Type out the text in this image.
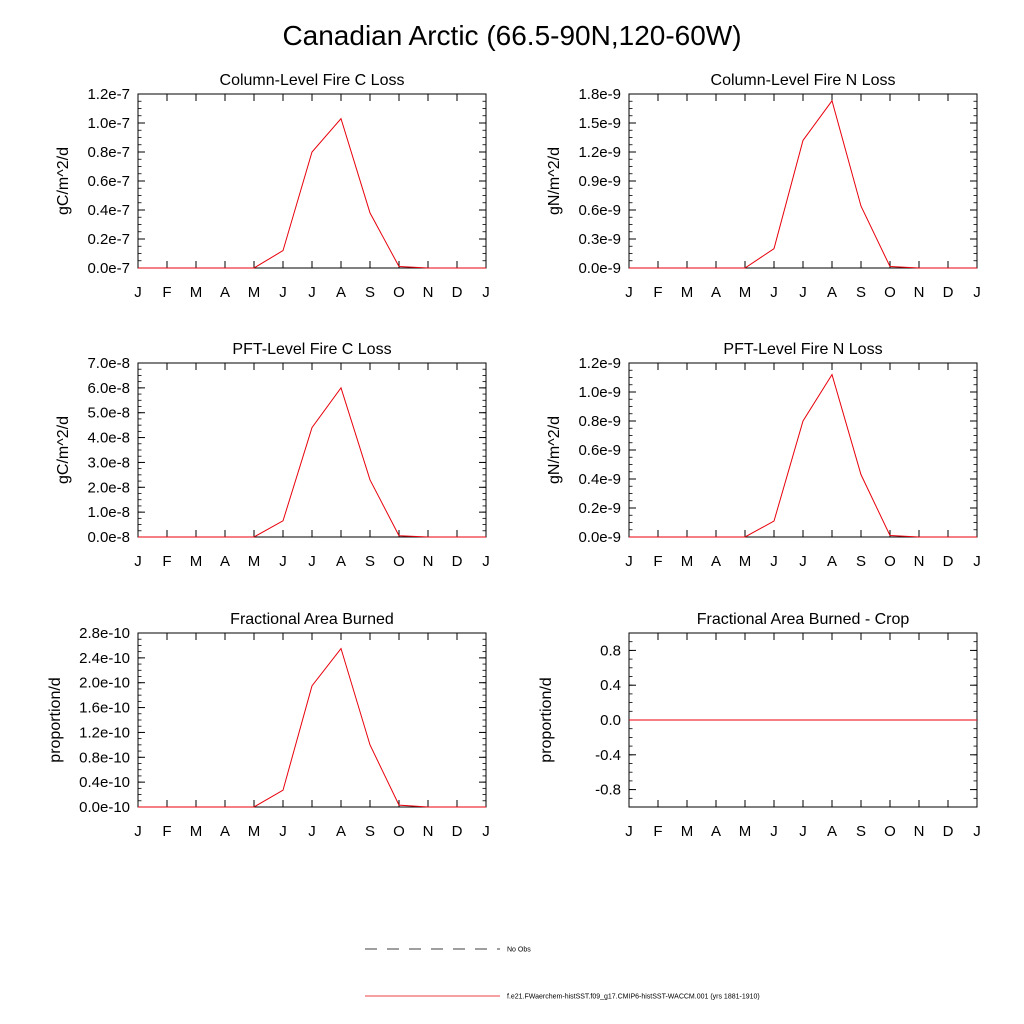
Canadian Arctic (66.5-90N,120-60W)
Column-Level Fire C Loss
J F M A M J J A S O N D J
0.0e-7
0.2e-7
0.4e-7
0.6e-7
0.8e-7
1.0e-7
1.2e-7
gC/m^2/d
Column-Level Fire N Loss
J F M A M J J A S O N D J
0.0e-9
0.3e-9
0.6e-9
0.9e-9
1.2e-9
1.5e-9
1.8e-9
gN/m^2/d
PFT-Level Fire C Loss
J F M A M J J A S O N D J
0.0e-8
1.0e-8
2.0e-8
3.0e-8
4.0e-8
5.0e-8
6.0e-8
7.0e-8
gC/m^2/d
PFT-Level Fire N Loss
J F M A M J J A S O N D J
0.0e-9
0.2e-9
0.4e-9
0.6e-9
0.8e-9
1.0e-9
1.2e-9
gN/m^2/d
Fractional Area Burned
J F M A M J J A S O N D J
0.0e-10
0.4e-10
0.8e-10
1.2e-10
1.6e-10
2.0e-10
2.4e-10
2.8e-10
proportion/d
Fractional Area Burned - Crop
J F M A M J J A S O N D J
-0.8
-0.4
0.0
0.4
0.8
proportion/d
No Obs
f.e21.FWaerchem-histSST.f09_g17.CMIP6-histSST-WACCM.001 (yrs 1881-1910)
